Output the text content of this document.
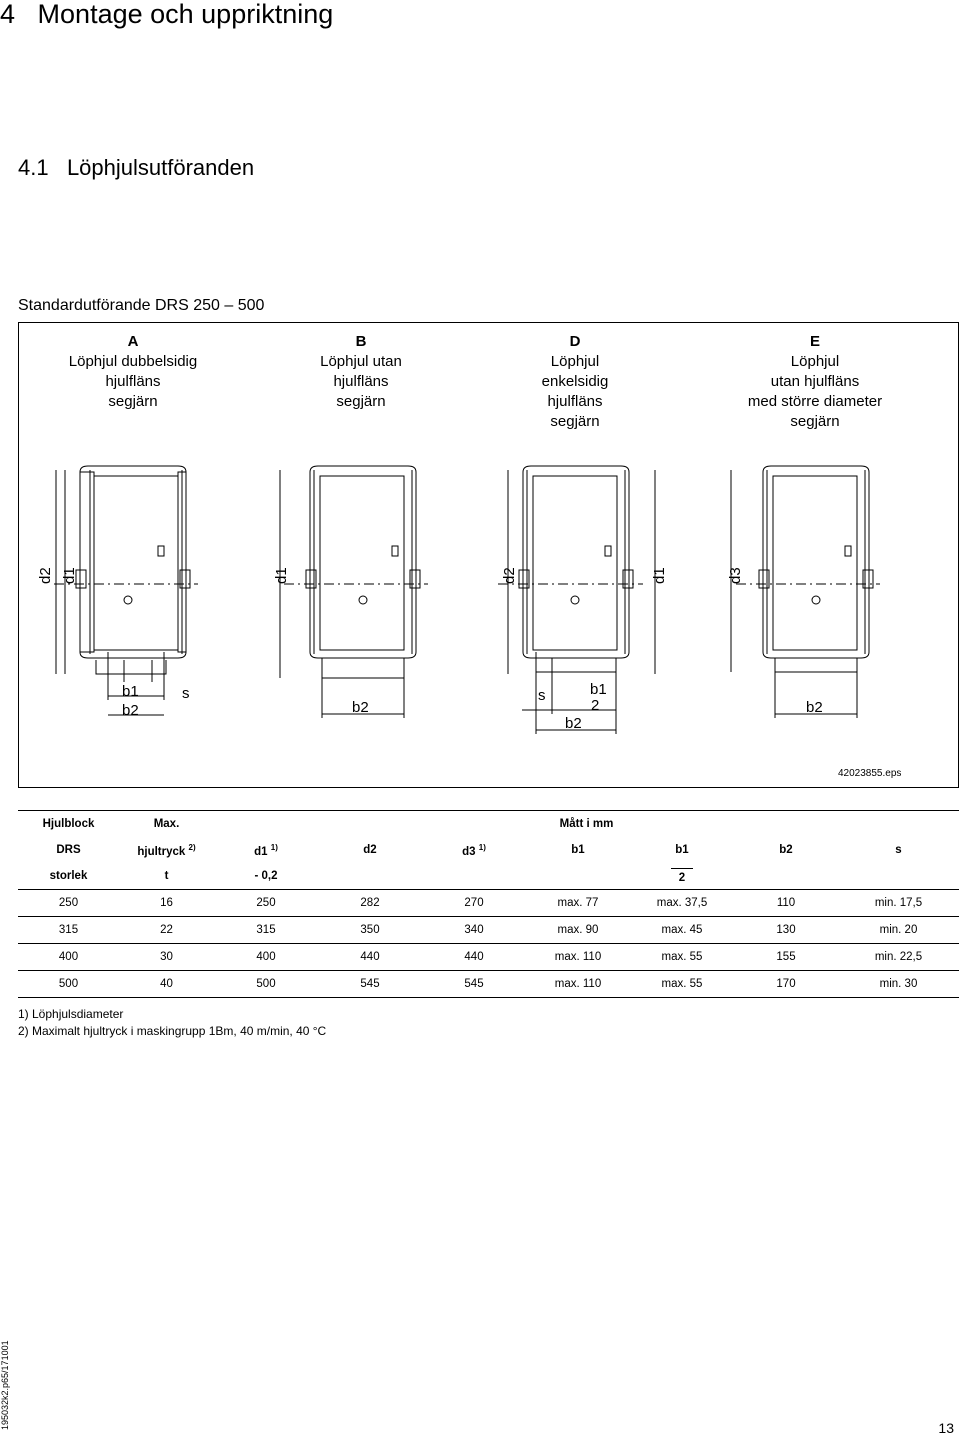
4 Montage och uppriktning
4.1 Löphjulsutföranden
Standardutförande DRS 250 – 500
A
Löphjul dubbelsidig
hjulfläns
segjärn
B
Löphjul utan
hjulfläns
segjärn
D
Löphjul
enkelsidig
hjulfläns
segjärn
E
Löphjul
utan hjulfläns
med större diameter
segjärn
d2 d1	d1	d2	d1	d3
b1
b2
s
b2
s	b1
2
b2
b2
42023855.eps
Hjulblock	Max.	Mått i mm						
DRS	hjultryck $^{2)}$	d1 $^{1)}$	d2	d3 $^{1)}$	b1	b1	b2	s
storlek	t	- 0,2				2		
250	16	250	282	270	max. 77	max. 37,5	110	min. 17,5
315	22	315	350	340	max. 90	max. 45	130	min. 20
400	30	400	440	440	max. 110	max. 55	155	min. 22,5
500	40	500	545	545	max. 110	max. 55	170	min. 30
1) Löphjulsdiameter
2) Maximalt hjultryck i maskingrupp 1Bm, 40 m/min, 40 °C
195032k2.p65/171001	13
